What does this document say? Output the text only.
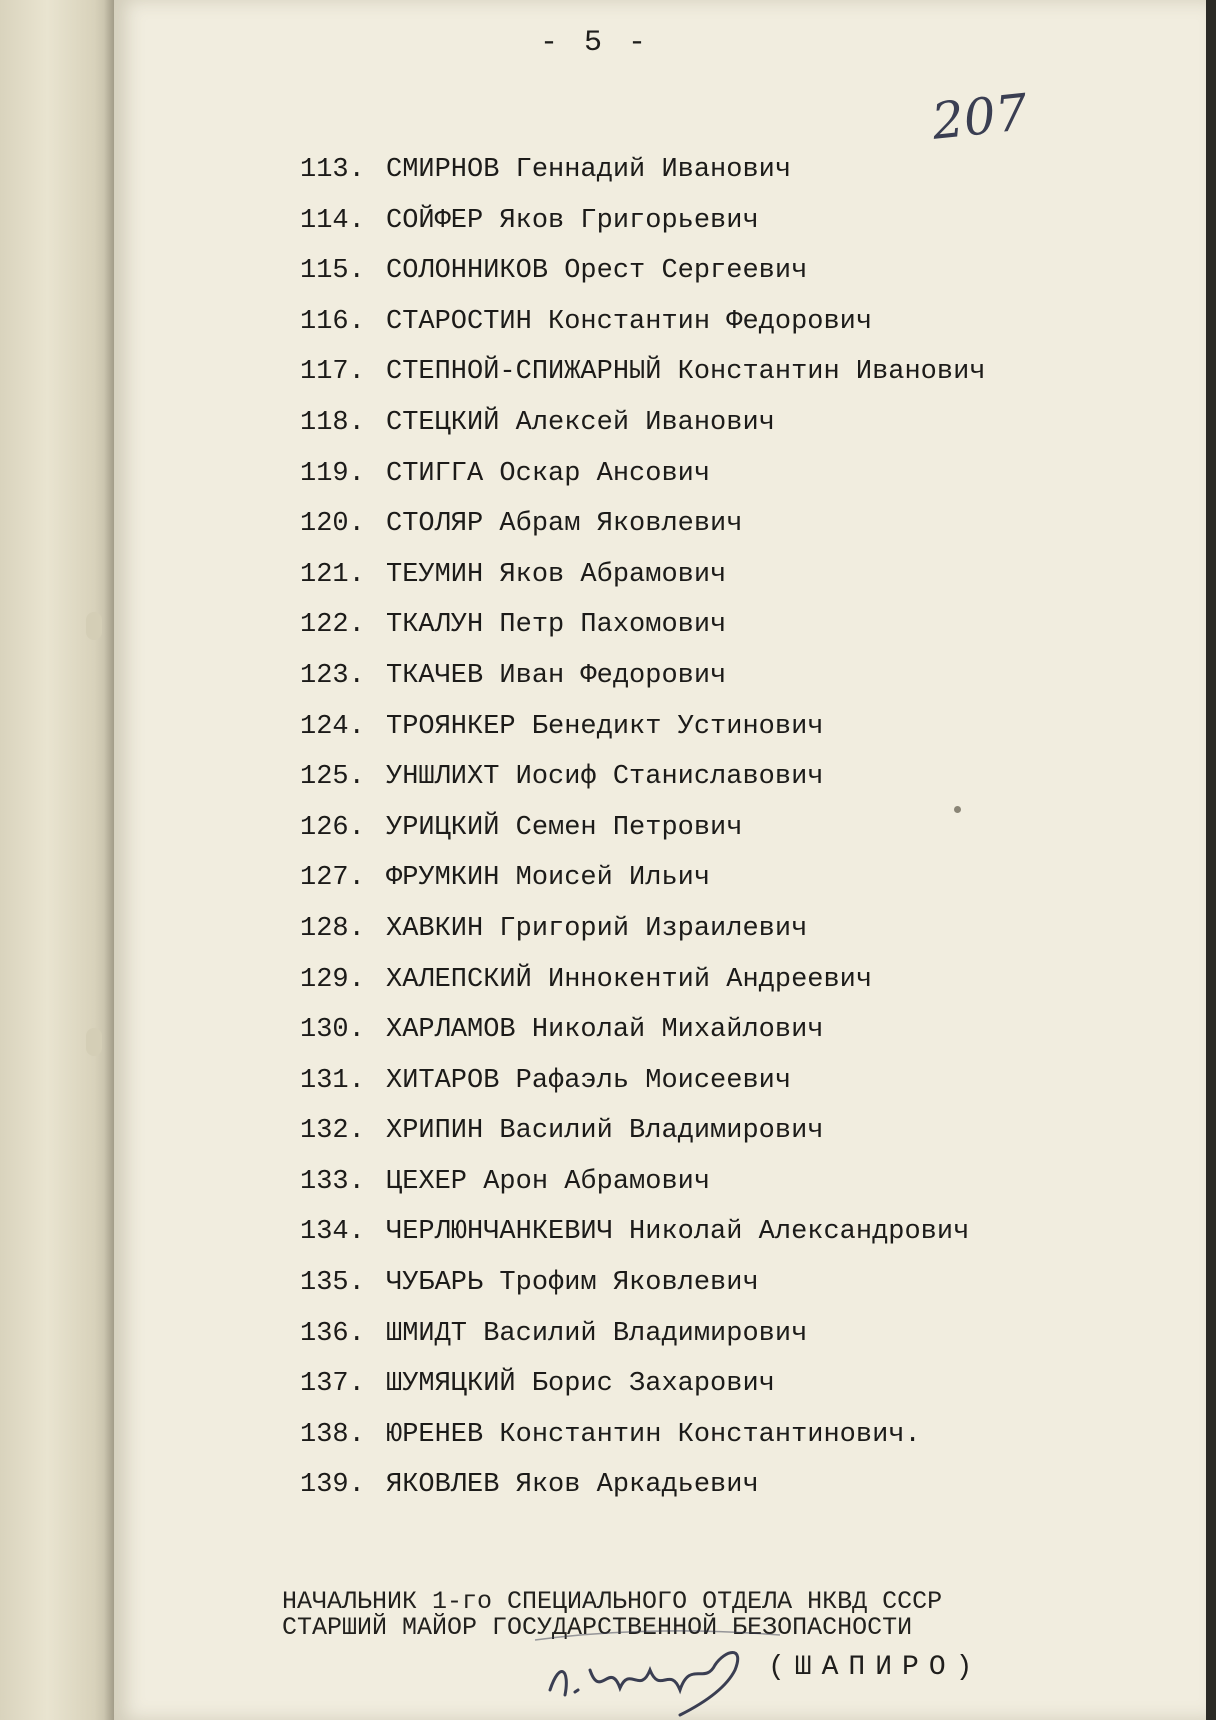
- 5 -
207
113. СМИРНОВ Геннадий Иванович
114. СОЙФЕР Яков Григорьевич
115. СОЛОННИКОВ Орест Сергеевич
116. СТАРОСТИН Константин Федорович
117. СТЕПНОЙ-СПИЖАРНЫЙ Константин Иванович
118. СТЕЦКИЙ Алексей Иванович
119. СТИГГА Оскар Ансович
120. СТОЛЯР Абрам Яковлевич
121. ТЕУМИН Яков Абрамович
122. ТКАЛУН Петр Пахомович
123. ТКАЧЕВ Иван Федорович
124. ТРОЯНКЕР Бенедикт Устинович
125. УНШЛИХТ Иосиф Станиславович
126. УРИЦКИЙ Семен Петрович
127. ФРУМКИН Моисей Ильич
128. ХАВКИН Григорий Израилевич
129. ХАЛЕПСКИЙ Иннокентий Андреевич
130. ХАРЛАМОВ Николай Михайлович
131. ХИТАРОВ Рафаэль Моисеевич
132. ХРИПИН Василий Владимирович
133. ЦЕХЕР Арон Абрамович
134. ЧЕРЛЮНЧАНКЕВИЧ Николай Александрович
135. ЧУБАРЬ Трофим Яковлевич
136. ШМИДТ Василий Владимирович
137. ШУМЯЦКИЙ Борис Захарович
138. ЮРЕНЕВ Константин Константинович.
139. ЯКОВЛЕВ Яков Аркадьевич
НАЧАЛЬНИК 1-го СПЕЦИАЛЬНОГО ОТДЕЛА НКВД СССР
СТАРШИЙ МАЙОР ГОСУДАРСТВЕННОЙ БЕЗОПАСНОСТИ
(ШАПИРО)
